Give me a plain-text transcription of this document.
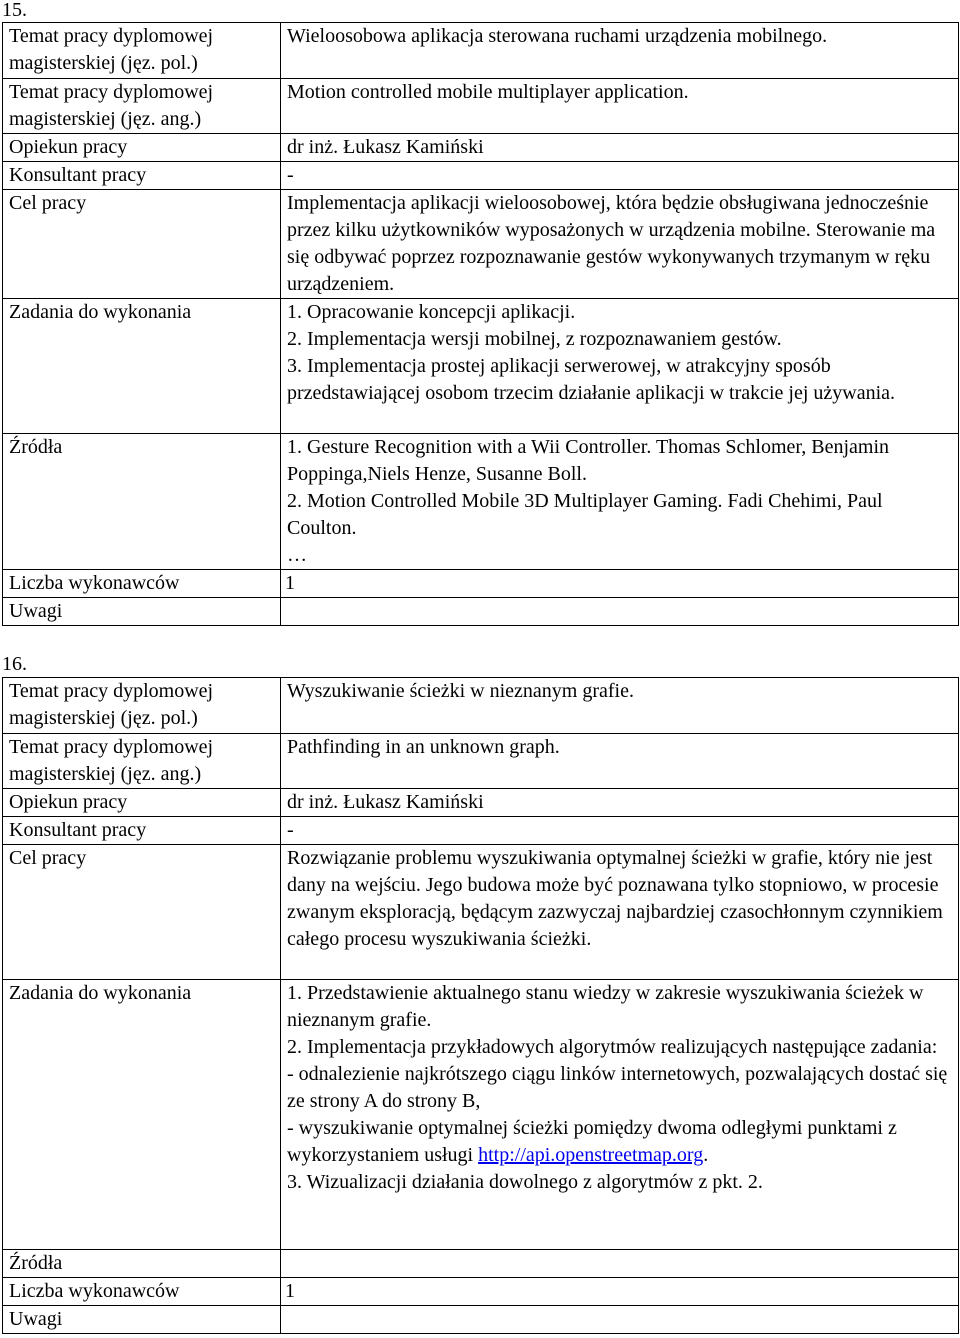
15.
Temat pracy dyplomowej magisterskiej (jęz. pol.)	Wieloosobowa aplikacja sterowana ruchami urządzenia mobilnego.
Temat pracy dyplomowej magisterskiej (jęz. ang.)	Motion controlled mobile multiplayer application.
Opiekun pracy	dr inż. Łukasz Kamiński
Konsultant pracy	-
Cel pracy	Implementacja aplikacji wieloosobowej, która będzie obsługiwana jednocześnie przez kilku użytkowników wyposażonych w urządzenia mobilne. Sterowanie ma się odbywać poprzez rozpoznawanie gestów wykonywanych trzymanym w ręku urządzeniem.
Zadania do wykonania	1. Opracowanie koncepcji aplikacji.
2. Implementacja wersji mobilnej, z rozpoznawaniem gestów.
3. Implementacja prostej aplikacji serwerowej, w atrakcyjny sposób przedstawiającej osobom trzecim działanie aplikacji w trakcie jej używania.

Źródła	1. Gesture Recognition with a Wii Controller. Thomas Schlomer, Benjamin Poppinga,Niels Henze, Susanne Boll.
2. Motion Controlled Mobile 3D Multiplayer Gaming. Fadi Chehimi, Paul Coulton.
…

Liczba wykonawców	1
Uwagi	
16.
Temat pracy dyplomowej magisterskiej (jęz. pol.)	Wyszukiwanie ścieżki w nieznanym grafie.
Temat pracy dyplomowej magisterskiej (jęz. ang.)	Pathfinding in an unknown graph.
Opiekun pracy	dr inż. Łukasz Kamiński
Konsultant pracy	-
Cel pracy	Rozwiązanie problemu wyszukiwania optymalnej ścieżki w grafie, który nie jest dany na wejściu. Jego budowa może być poznawana tylko stopniowo, w procesie zwanym eksploracją, będącym zazwyczaj najbardziej czasochłonnym czynnikiem całego procesu wyszukiwania ścieżki.
Zadania do wykonania	1. Przedstawienie aktualnego stanu wiedzy w zakresie wyszukiwania ścieżek w nieznanym grafie.
2. Implementacja przykładowych algorytmów realizujących następujące zadania:
- odnalezienie najkrótszego ciągu linków internetowych, pozwalających dostać się ze strony A do strony B,
- wyszukiwanie optymalnej ścieżki pomiędzy dwoma odległymi punktami z wykorzystaniem usługi http://api.openstreetmap.org.
3. Wizualizacji działania dowolnego z algorytmów z pkt. 2.

Źródła	
Liczba wykonawców	1
Uwagi	
